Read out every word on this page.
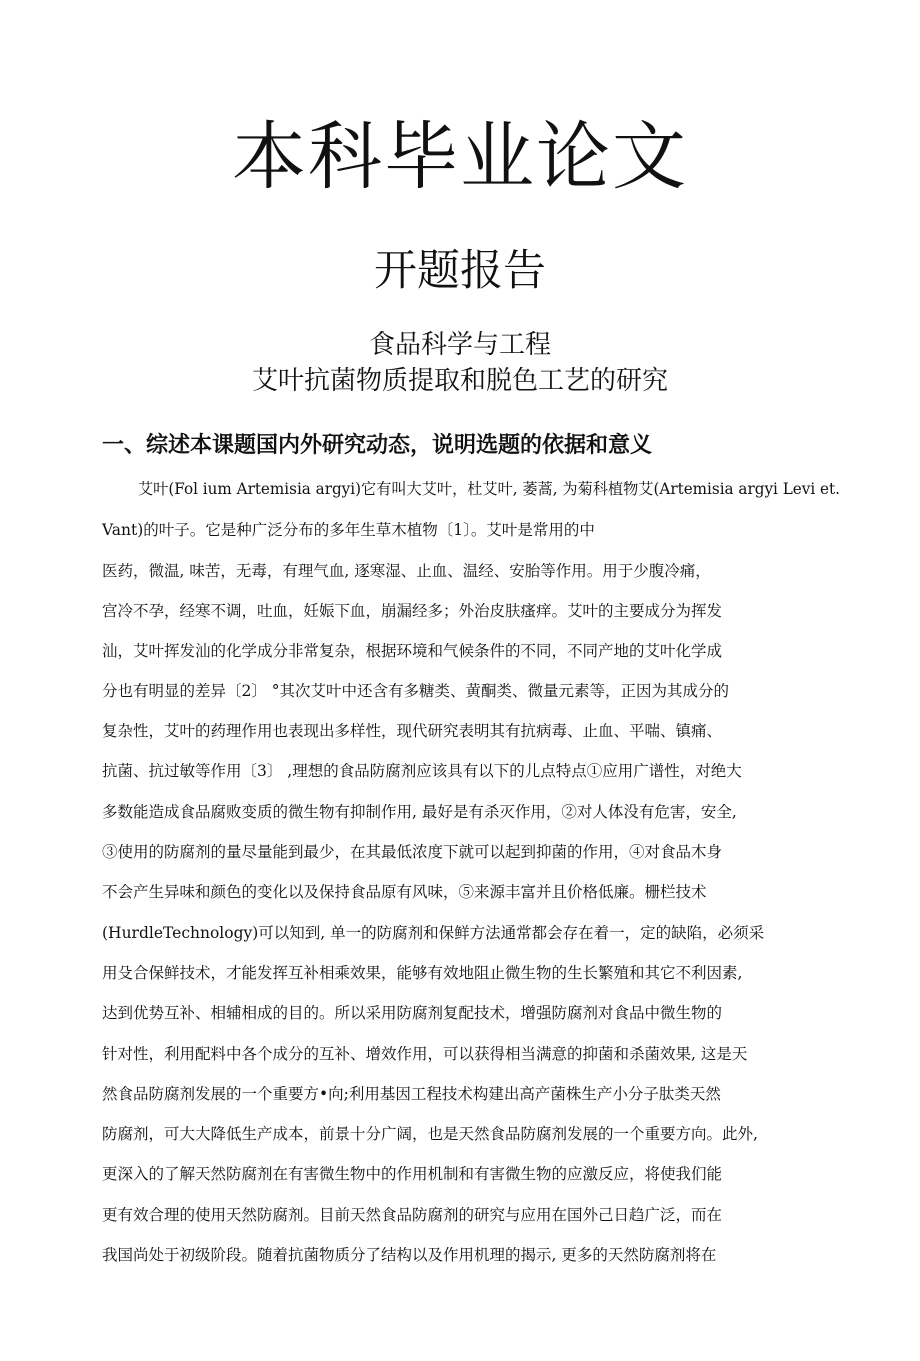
本科毕业论文
开题报告
食品科学与工程
艾叶抗菌物质提取和脱色工艺的研究
一、综述本课题国内外研究动态，说明选题的依据和意义
艾叶(Fol ium Artemisia argyi)它有叫大艾叶，杜艾叶, 萎蒿, 为菊科植物艾(Artemisia argyi Levi et.
Vant)的叶子。它是种广泛分布的多年生草木植物〔1〕。艾叶是常用的中
医药，微温, 味苦，无毒，有理气血, 逐寒湿、止血、温经、安胎等作用。用于少腹冷痛，
宫冷不孕，经寒不调，吐血，妊娠下血，崩漏经多；外治皮肤瘙痒。艾叶的主要成分为挥发
汕，艾叶挥发汕的化学成分非常复杂，根据环境和气候条件的不同，不同产地的艾叶化学成
分也有明显的差异〔2〕 °其次艾叶中还含有多糖类、黄酮类、微量元素等，正因为其成分的
复杂性，艾叶的药理作用也表现出多样性，现代研究表明其有抗病毒、止血、平喘、镇痛、
抗菌、抗过敏等作用〔3〕 ,理想的食品防腐剂应该具有以下的儿点特点①应用广谱性，对绝大
多数能造成食品腐败变质的微生物有抑制作用, 最好是有杀灭作用，②对人体没有危害，安全,
③使用的防腐剂的量尽量能到最少，在其最低浓度下就可以起到抑菌的作用，④对食品木身
不会产生异味和颜色的变化以及保持食品原有风味，⑤来源丰富并且价格低廉。栅栏技术
(HurdleTechnology)可以知到, 单一的防腐剂和保鲜方法通常都会存在着一，定的缺陷，必须采
用殳合保鲜技术，才能发挥互补相乘效果，能够有效地阻止微生物的生长繁殖和其它不利因素,
达到优势互补、相辅相成的目的。所以采用防腐剂复配技术，增强防腐剂对食品中微生物的
针对性，利用配料中各个成分的互补、增效作用，可以获得相当满意的抑菌和杀菌效果, 这是天
然食品防腐剂发展的一个重要方•向;利用基因工程技术构建出高产菌株生产小分子肽类天然
防腐剂，可大大降低生产成本，前景十分广阔，也是天然食品防腐剂发展的一个重要方向。此外,
更深入的了解天然防腐剂在有害微生物中的作用机制和有害微生物的应激反应，将使我们能
更有效合理的使用天然防腐剂。目前天然食品防腐剂的研究与应用在国外己日趋广泛，而在
我国尚处于初级阶段。随着抗菌物质分了结构以及作用机理的揭示, 更多的天然防腐剂将在
